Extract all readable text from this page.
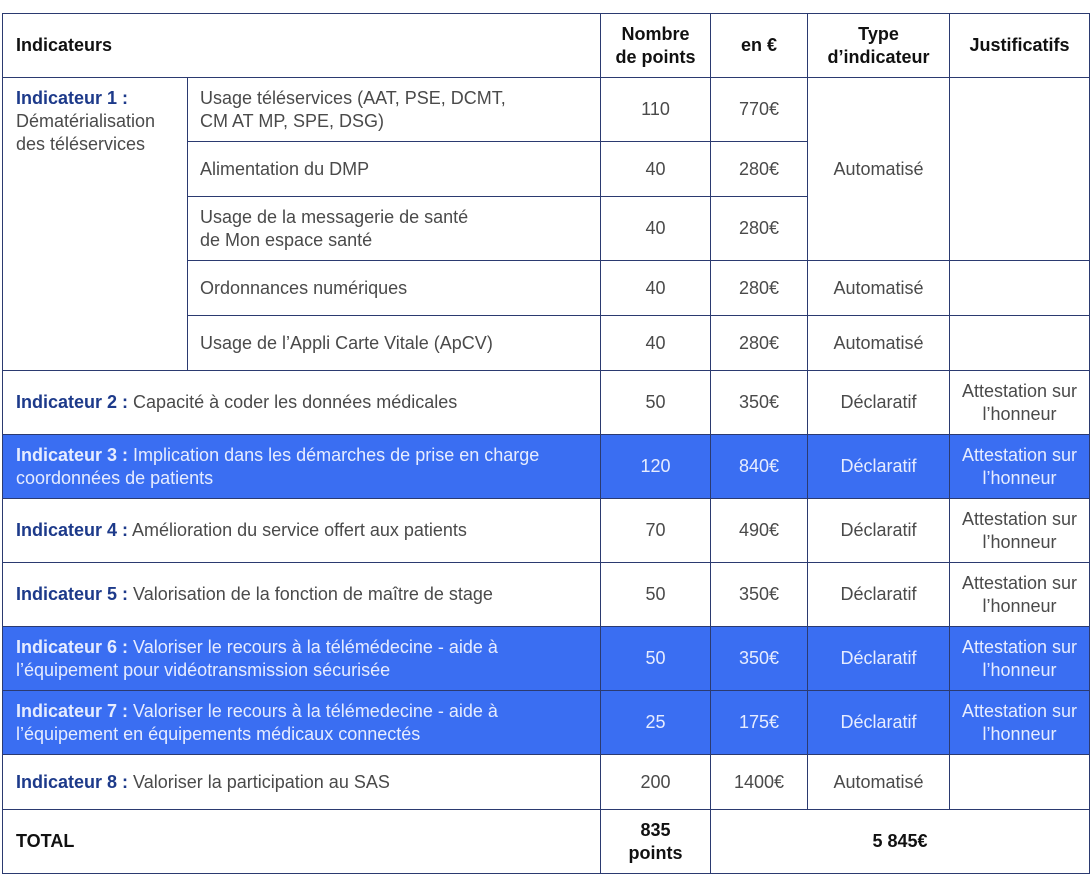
Indicateurs		Nombre de points	en €	Type d’indicateur	Justificatifs

Indicateur 1 :
Dématérialisation des téléservices	Usage téléservices (AAT, PSE, DCMT, CM AT MP, SPE, DSG)	110	770€	Automatisé	
	Alimentation du DMP	40	280€		
	Usage de la messagerie de santé de Mon espace santé	40	280€		
	Ordonnances numériques	40	280€	Automatisé	
	Usage de l’Appli Carte Vitale (ApCV)	40	280€	Automatisé	
Indicateur 2 : Capacité à coder les données médicales		50	350€	Déclaratif	Attestation sur l’honneur
Indicateur 3 : Implication dans les démarches de prise en charge coordonnées de patients		120	840€	Déclaratif	Attestation sur l’honneur
Indicateur 4 : Amélioration du service offert aux patients		70	490€	Déclaratif	Attestation sur l’honneur
Indicateur 5 : Valorisation de la fonction de maître de stage		50	350€	Déclaratif	Attestation sur l’honneur
Indicateur 6 : Valoriser le recours à la télémédecine - aide à l’équipement pour vidéotransmission sécurisée		50	350€	Déclaratif	Attestation sur l’honneur
Indicateur 7 : Valoriser le recours à la télémedecine - aide à l’équipement en équipements médicaux connectés		25	175€	Déclaratif	Attestation sur l’honneur
Indicateur 8 : Valoriser la participation au SAS		200	1400€	Automatisé	
TOTAL		835 points	5 845€		
